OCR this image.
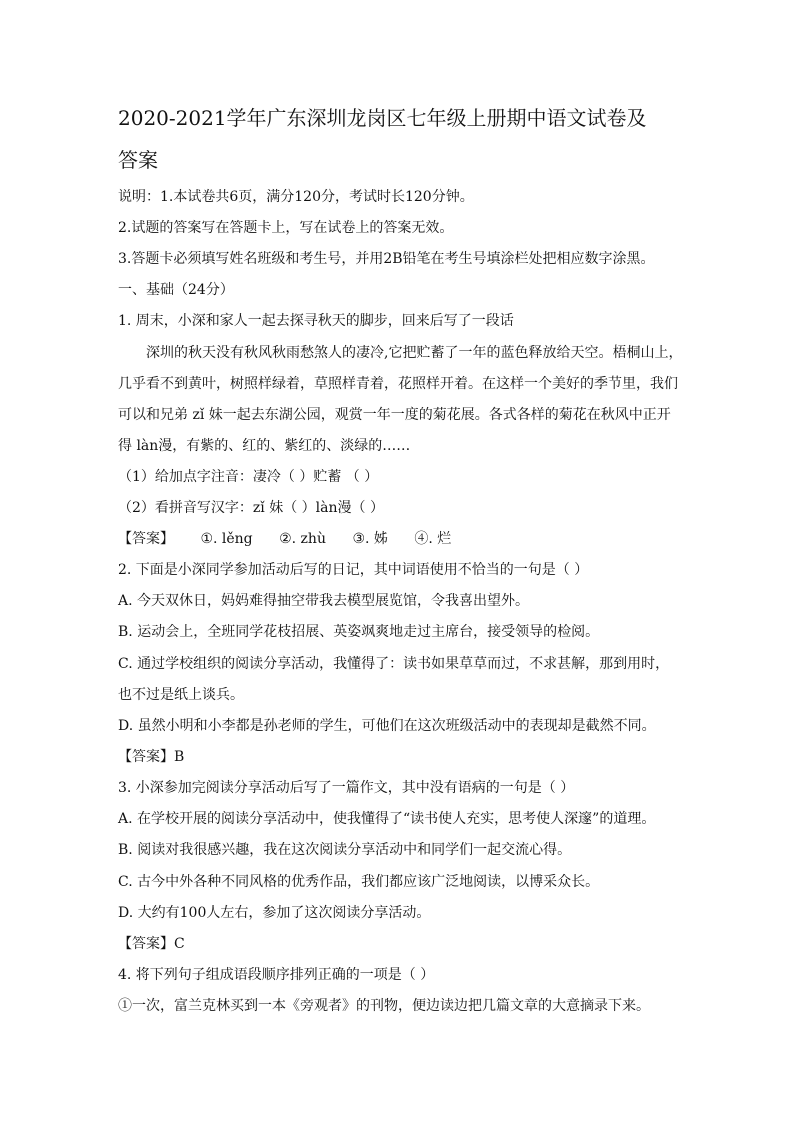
2020-2021学年广东深圳龙岗区七年级上册期中语文试卷及
答案
说明：1.本试卷共6页，满分120分，考试时长120分钟。
2.试题的答案写在答题卡上，写在试卷上的答案无效。
3.答题卡必须填写姓名班级和考生号，并用2B铅笔在考生号填涂栏处把相应数字涂黑。
一、基础（24分）
1. 周末，小深和家人一起去探寻秋天的脚步，回来后写了一段话
深圳的秋天没有秋风秋雨愁煞人的凄冷,它把贮蓄了一年的蓝色释放给天空。梧桐山上，
几乎看不到黄叶，树照样绿着，草照样青着，花照样开着。在这样一个美好的季节里，我们
可以和兄弟 zǐ 妹一起去东湖公园，观赏一年一度的菊花展。各式各样的菊花在秋风中正开
得 làn漫，有紫的、红的、紫红的、淡绿的……
（1）给加点字注音：凄冷（ ）贮蓄 （ ）
（2）看拼音写汉字：zǐ 妹（ ）làn漫（ ）
【答案】 ①. lěng ②. zhù ③. 姊 ④. 烂
2. 下面是小深同学参加活动后写的日记，其中词语使用不恰当的一句是（ ）
A. 今天双休日，妈妈难得抽空带我去模型展览馆，令我喜出望外。
B. 运动会上，全班同学花枝招展、英姿飒爽地走过主席台，接受领导的检阅。
C. 通过学校组织的阅读分享活动，我懂得了：读书如果草草而过，不求甚解，那到用时，
也不过是纸上谈兵。
D. 虽然小明和小李都是孙老师的学生，可他们在这次班级活动中的表现却是截然不同。
【答案】B
3. 小深参加完阅读分享活动后写了一篇作文，其中没有语病的一句是（ ）
A. 在学校开展的阅读分享活动中，使我懂得了“读书使人充实，思考使人深邃”的道理。
B. 阅读对我很感兴趣，我在这次阅读分享活动中和同学们一起交流心得。
C. 古今中外各种不同风格的优秀作品，我们都应该广泛地阅读，以博采众长。
D. 大约有100人左右，参加了这次阅读分享活动。
【答案】C
4. 将下列句子组成语段顺序排列正确的一项是（ ）
①一次，富兰克林买到一本《旁观者》的刊物，便边读边把几篇文章的大意摘录下来。
